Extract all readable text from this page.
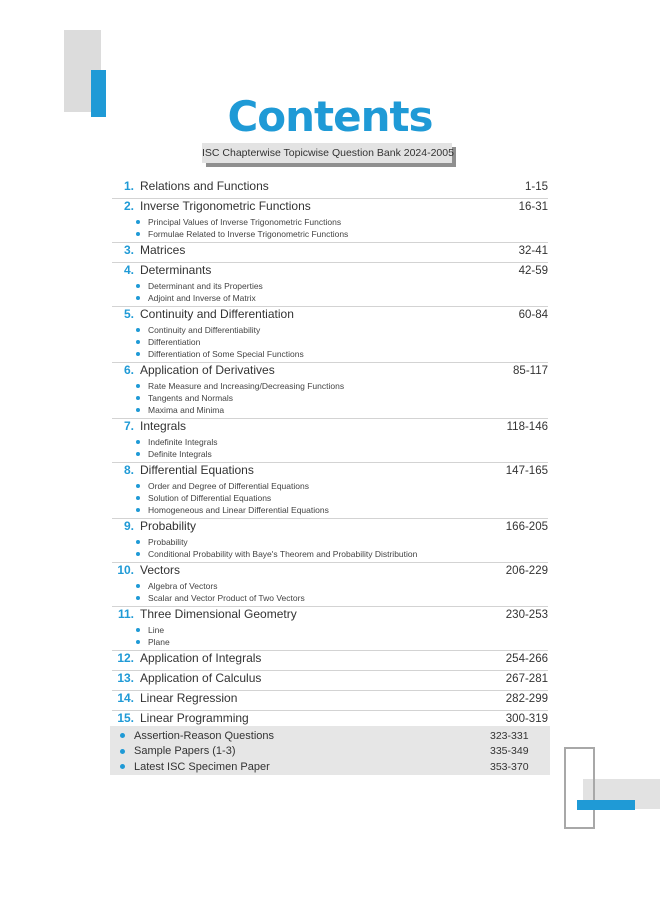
Contents
ISC Chapterwise Topicwise Question Bank 2024-2005
1. Relations and Functions	1-15
2. Inverse Trigonometric Functions	16-31
Principal Values of Inverse Trigonometric Functions
Formulae Related to Inverse Trigonometric Functions
3. Matrices	32-41
4. Determinants	42-59
Determinant and its Properties
Adjoint and Inverse of Matrix
5. Continuity and Differentiation	60-84
Continuity and Differentiability
Differentiation
Differentiation of Some Special Functions
6. Application of Derivatives	85-117
Rate Measure and Increasing/Decreasing Functions
Tangents and Normals
Maxima and Minima
7. Integrals	118-146
Indefinite Integrals
Definite Integrals
8. Differential Equations	147-165
Order and Degree of Differential Equations
Solution of Differential Equations
Homogeneous and Linear Differential Equations
9. Probability	166-205
Probability
Conditional Probability with Baye's Theorem and Probability Distribution
10. Vectors	206-229
Algebra of Vectors
Scalar and Vector Product of Two Vectors
11. Three Dimensional Geometry	230-253
Line
Plane
12. Application of Integrals	254-266
13. Application of Calculus	267-281
14. Linear Regression	282-299
15. Linear Programming	300-319
Assertion-Reason Questions	323-331
Sample Papers (1-3)	335-349
Latest ISC Specimen Paper	353-370
